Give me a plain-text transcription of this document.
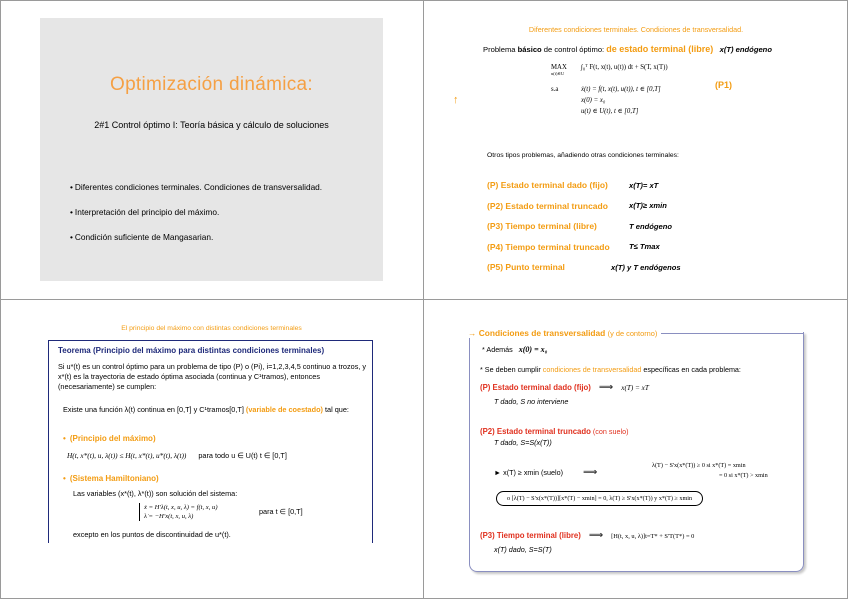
Optimización dinámica:
2#1 Control óptimo I: Teoría básica y cálculo de soluciones
• Diferentes condiciones terminales. Condiciones de transversalidad.
• Interpretación del principio del máximo.
• Condición suficiente de Mangasarian.
Diferentes condiciones terminales. Condiciones de transversalidad.
↑
Problema básico de control óptimo: de estado terminal (libre) x(T) endógeno
MAX
$^{u(t)\in U}$
∫₀ᵀ F(t, x(t), u(t)) dt + S(T, x(T))
s.a	ẋ(t) = f(t, x(t), u(t)), t ∈ [0,T]
x(0) = x₀
u(t) ∈ U(t), t ∈ [0,T]
(P1)
Otros tipos problemas, añadiendo otras condiciones terminales:
(P) Estado terminal dado (fijo)	x(T)= xT
(P2) Estado terminal truncado	x(T)≥ xmin
(P3) Tiempo terminal (libre)	T endógeno
(P4) Tiempo terminal truncado	T≤ Tmax
(P5) Punto terminal	x(T) y T endógenos
El principio del máximo con distintas condiciones terminales
Teorema (Principio del máximo para distintas condiciones terminales)
Si u*(t) es un control óptimo para un problema de tipo (P) o (Pi), i=1,2,3,4,5 continuo a trozos, y x*(t) es la trayectoria de estado óptima asociada (continua y C¹tramos), entonces (necesariamente) se cumplen:
Existe una función λ(t) continua en [0,T] y C¹tramos[0,T] (variable de coestado) tal que:
• (Principio del máximo)
H(t, x*(t), u, λ(t)) ≤ H(t, x*(t), u*(t), λ(t)) para todo u ∈ U(t) t ∈ [0,T]
• (Sistema Hamiltoniano)
Las variables (x*(t), λ*(t)) son solución del sistema:
ẋ = H'λ(t, x, u, λ) = f(t, x, u)
λ̇ = −H'x(t, x, u, λ)
para t ∈ [0,T]
excepto en los puntos de discontinuidad de u*(t).
→ Condiciones de transversalidad (y de contorno)
* Además x(0) = x₀
* Se deben cumplir condiciones de transversalidad específicas en cada problema:
(P) Estado terminal dado (fijo) ⟹ x(T) = xT
T dado, S no interviene
(P2) Estado terminal truncado (con suelo)
T dado, S=S(x(T))
► x(T) ≥ xmin (suelo) ⟹
λ(T) − S'x(x*(T)) ≥ 0 si x*(T) = xmin
= 0 si x*(T) > xmin
o [λ(T) − S'x(x*(T))][x*(T) − xmin] = 0, λ(T) ≥ S'x(x*(T)) y x*(T) ≥ xmin
(P3) Tiempo terminal (libre) ⟹ [H(t, x, u, λ)]t=T* + S'T(T*) = 0
x(T) dado, S=S(T)
